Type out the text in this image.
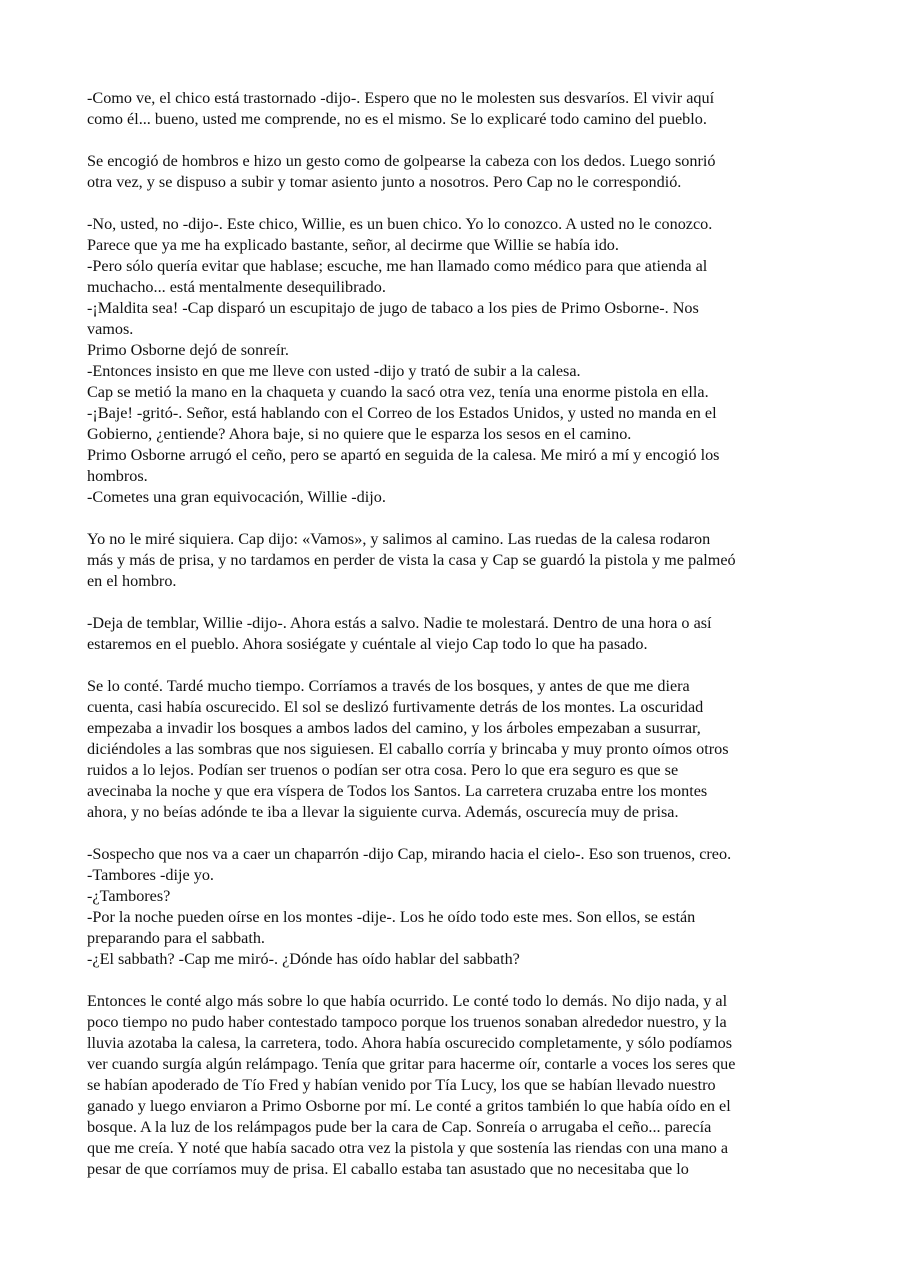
-Como ve, el chico está trastornado -dijo-. Espero que no le molesten sus desvaríos. El vivir aquí
como él... bueno, usted me comprende, no es el mismo. Se lo explicaré todo camino del pueblo.
Se encogió de hombros e hizo un gesto como de golpearse la cabeza con los dedos. Luego sonrió
otra vez, y se dispuso a subir y tomar asiento junto a nosotros. Pero Cap no le correspondió.
-No, usted, no -dijo-. Este chico, Willie, es un buen chico. Yo lo conozco. A usted no le conozco.
Parece que ya me ha explicado bastante, señor, al decirme que Willie se había ido.
-Pero sólo quería evitar que hablase; escuche, me han llamado como médico para que atienda al
muchacho... está mentalmente desequilibrado.
-¡Maldita sea! -Cap disparó un escupitajo de jugo de tabaco a los pies de Primo Osborne-. Nos
vamos.
Primo Osborne dejó de sonreír.
-Entonces insisto en que me lleve con usted -dijo y trató de subir a la calesa.
Cap se metió la mano en la chaqueta y cuando la sacó otra vez, tenía una enorme pistola en ella.
-¡Baje! -gritó-. Señor, está hablando con el Correo de los Estados Unidos, y usted no manda en el
Gobierno, ¿entiende? Ahora baje, si no quiere que le esparza los sesos en el camino.
Primo Osborne arrugó el ceño, pero se apartó en seguida de la calesa. Me miró a mí y encogió los
hombros.
-Cometes una gran equivocación, Willie -dijo.
Yo no le miré siquiera. Cap dijo: «Vamos», y salimos al camino. Las ruedas de la calesa rodaron
más y más de prisa, y no tardamos en perder de vista la casa y Cap se guardó la pistola y me palmeó
en el hombro.
-Deja de temblar, Willie -dijo-. Ahora estás a salvo. Nadie te molestará. Dentro de una hora o así
estaremos en el pueblo. Ahora sosiégate y cuéntale al viejo Cap todo lo que ha pasado.
Se lo conté. Tardé mucho tiempo. Corríamos a través de los bosques, y antes de que me diera
cuenta, casi había oscurecido. El sol se deslizó furtivamente detrás de los montes. La oscuridad
empezaba a invadir los bosques a ambos lados del camino, y los árboles empezaban a susurrar,
diciéndoles a las sombras que nos siguiesen. El caballo corría y brincaba y muy pronto oímos otros
ruidos a lo lejos. Podían ser truenos o podían ser otra cosa. Pero lo que era seguro es que se
avecinaba la noche y que era víspera de Todos los Santos. La carretera cruzaba entre los montes
ahora, y no beías adónde te iba a llevar la siguiente curva. Además, oscurecía muy de prisa.
-Sospecho que nos va a caer un chaparrón -dijo Cap, mirando hacia el cielo-. Eso son truenos, creo.
-Tambores -dije yo.
-¿Tambores?
-Por la noche pueden oírse en los montes -dije-. Los he oído todo este mes. Son ellos, se están
preparando para el sabbath.
-¿El sabbath? -Cap me miró-. ¿Dónde has oído hablar del sabbath?
Entonces le conté algo más sobre lo que había ocurrido. Le conté todo lo demás. No dijo nada, y al
poco tiempo no pudo haber contestado tampoco porque los truenos sonaban alrededor nuestro, y la
lluvia azotaba la calesa, la carretera, todo. Ahora había oscurecido completamente, y sólo podíamos
ver cuando surgía algún relámpago. Tenía que gritar para hacerme oír, contarle a voces los seres que
se habían apoderado de Tío Fred y habían venido por Tía Lucy, los que se habían llevado nuestro
ganado y luego enviaron a Primo Osborne por mí. Le conté a gritos también lo que había oído en el
bosque. A la luz de los relámpagos pude ber la cara de Cap. Sonreía o arrugaba el ceño... parecía
que me creía. Y noté que había sacado otra vez la pistola y que sostenía las riendas con una mano a
pesar de que corríamos muy de prisa. El caballo estaba tan asustado que no necesitaba que lo
